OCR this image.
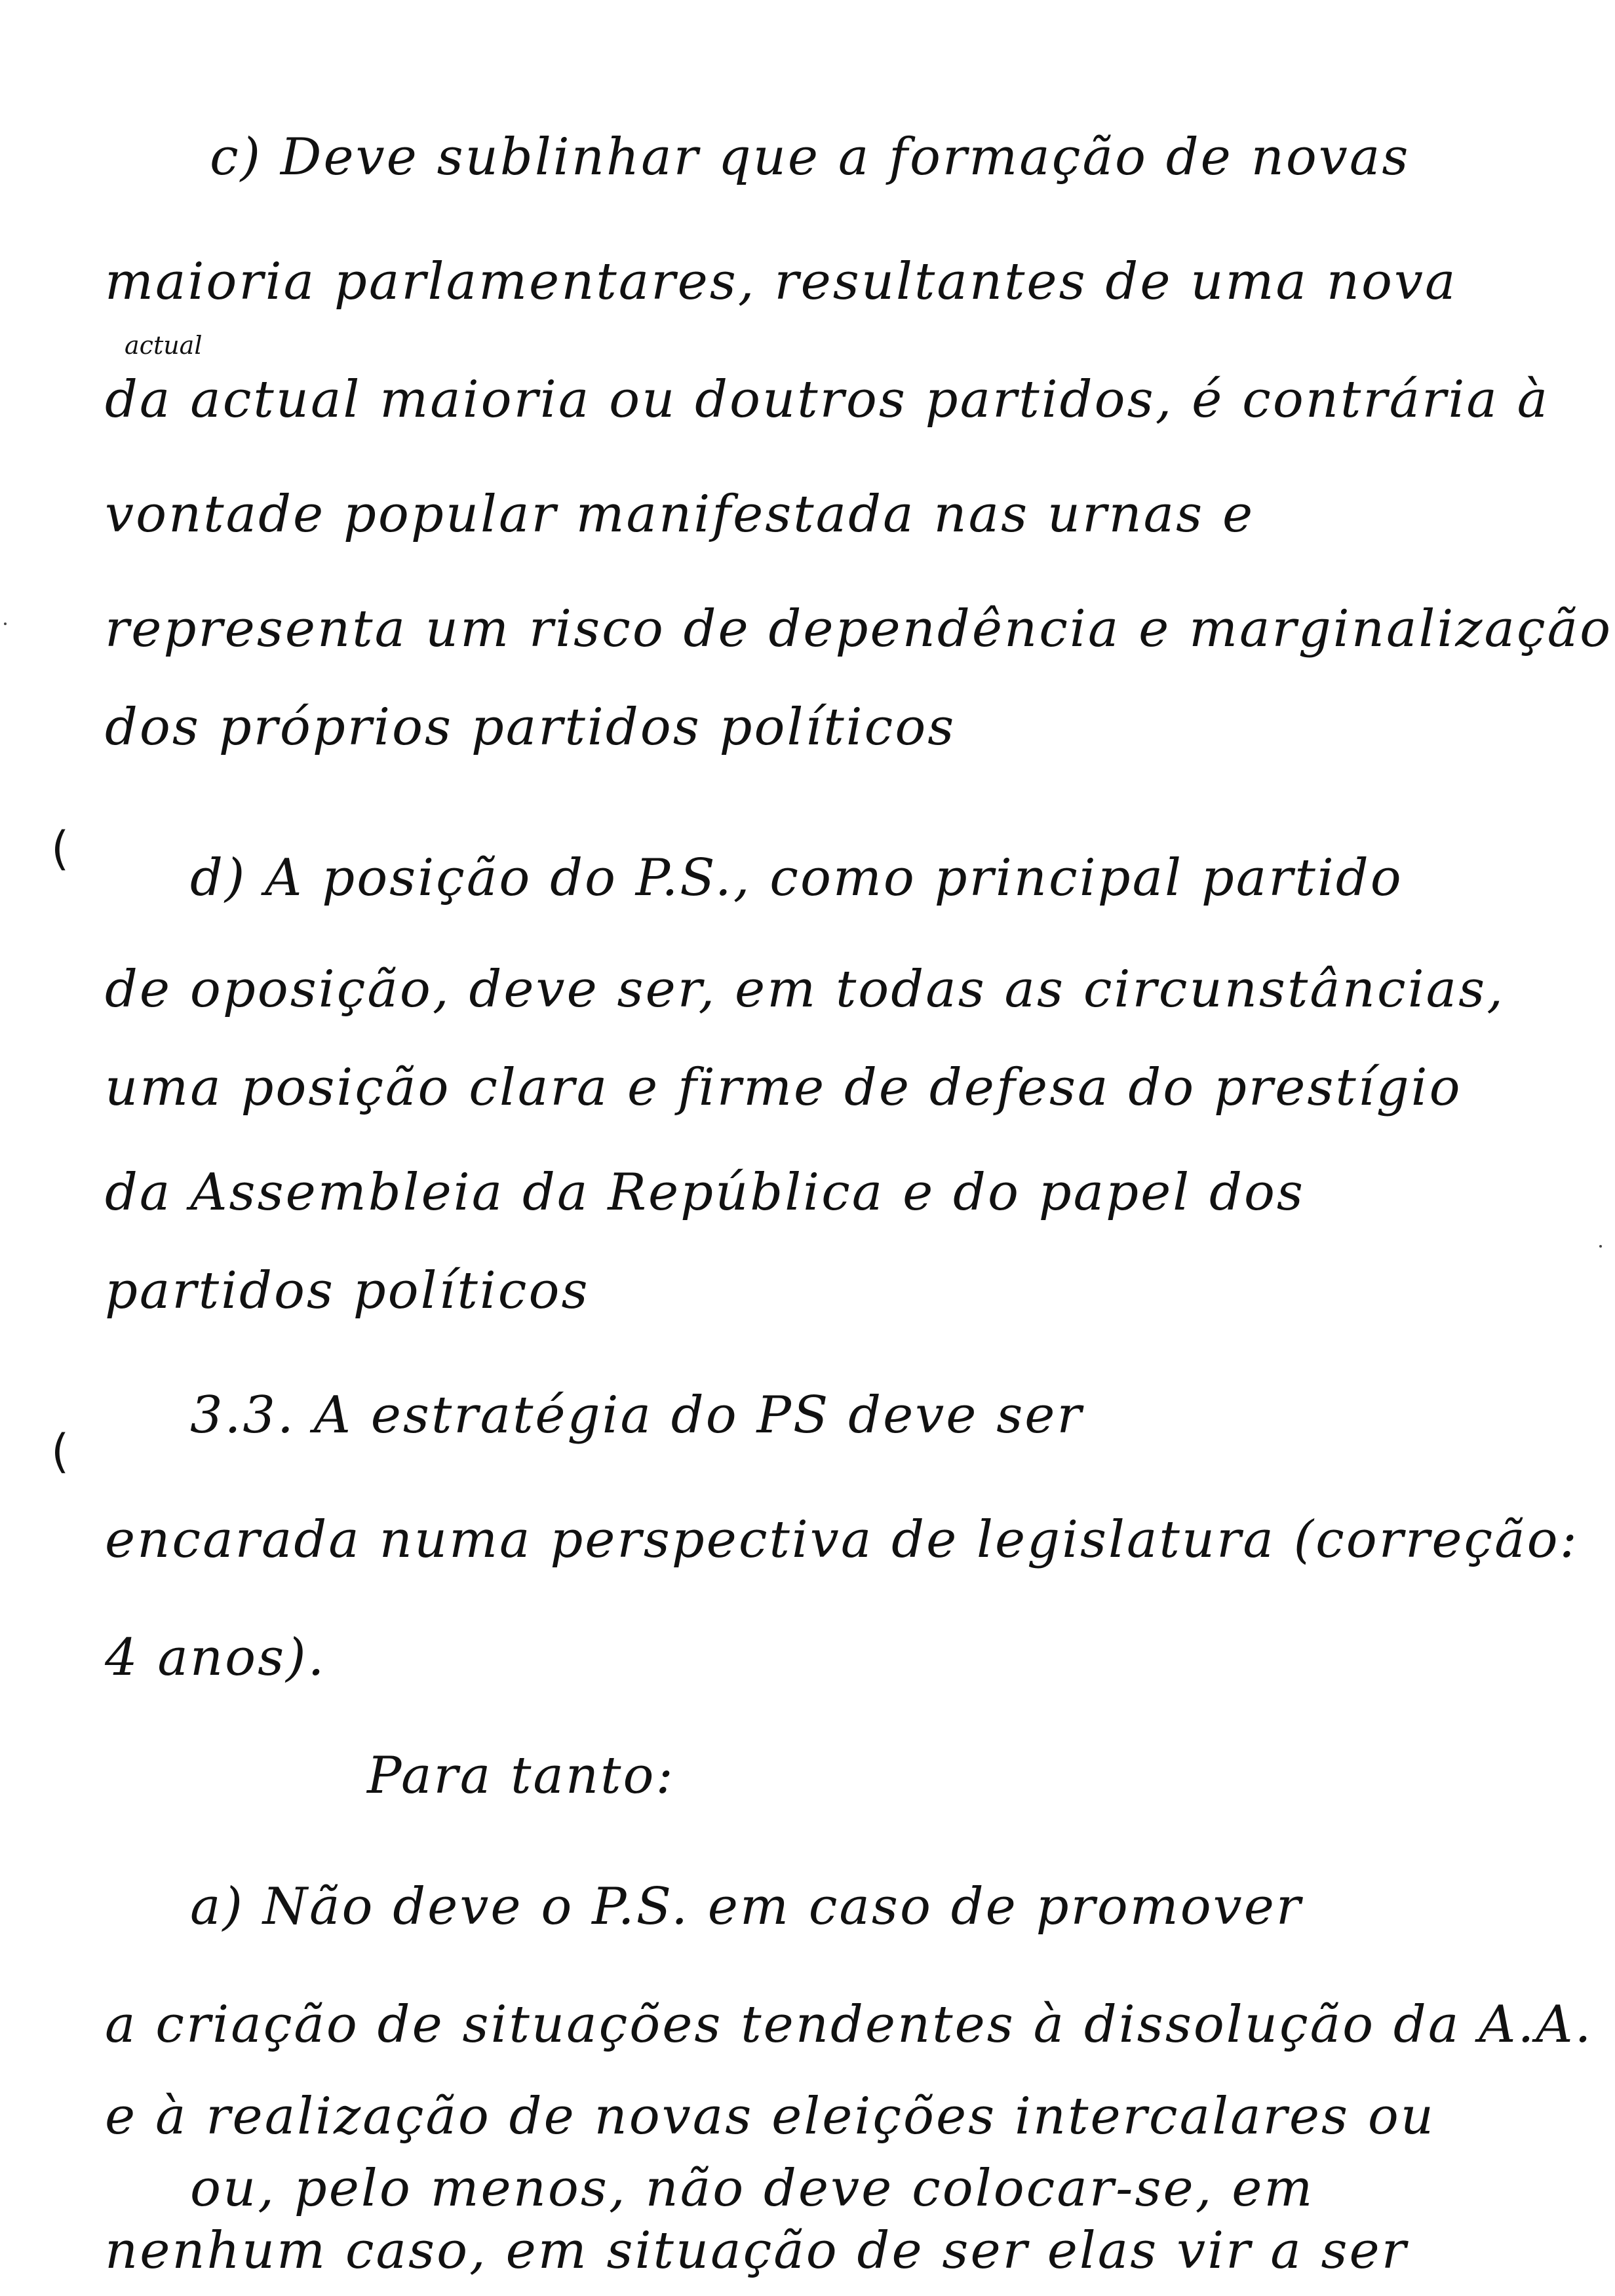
c) Deve sublinhar que a formação de novas
maioria parlamentares, resultantes de uma nova
actual
da actual maioria ou doutros partidos, é contrária à
vontade popular manifestada nas urnas e
representa um risco de dependência e marginalização
dos próprios partidos políticos
( d) A posição do P.S., como principal partido
de oposição, deve ser, em todas as circunstâncias,
uma posição clara e firme de defesa do prestígio
da Assembleia da República e do papel dos
partidos políticos
(
3.3. A estratégia do PS deve ser
encarada numa perspectiva de legislatura (correção:
4 anos).
Para tanto:
a) Não deve o P.S. em caso de promover
a criação de situações tendentes à dissolução da A.A.
e à realização de novas eleições intercalares ou
ou, pelo menos, não deve colocar-se, em
nenhum caso, em situação de ser elas vir a ser
